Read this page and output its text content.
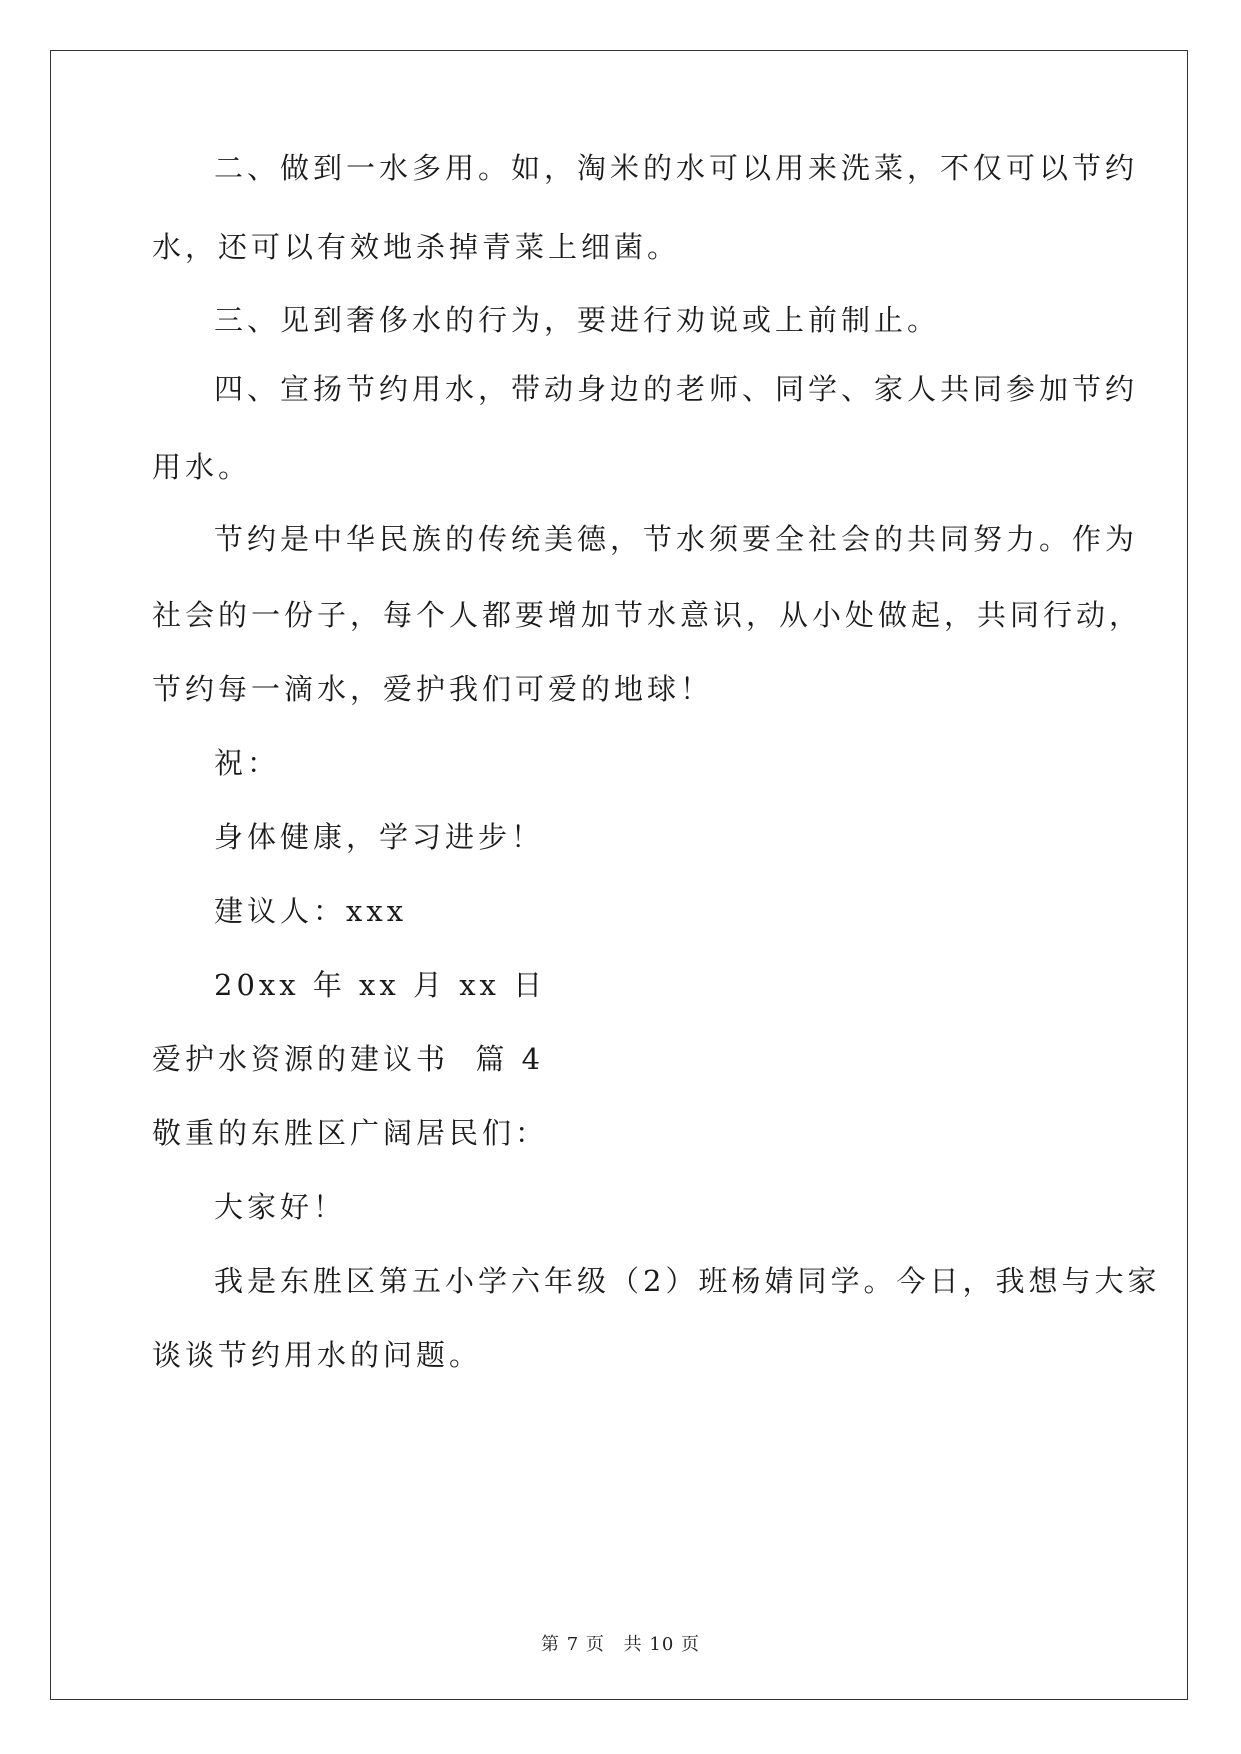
二、做到一水多用。如，淘米的水可以用来洗菜，不仅可以节约
水，还可以有效地杀掉青菜上细菌。
三、见到奢侈水的行为，要进行劝说或上前制止。
四、宣扬节约用水，带动身边的老师、同学、家人共同参加节约
用水。
节约是中华民族的传统美德，节水须要全社会的共同努力。作为
社会的一份子，每个人都要增加节水意识，从小处做起，共同行动，
节约每一滴水，爱护我们可爱的地球！
祝：
身体健康，学习进步！
建议人：xxx
20xx 年 xx 月 xx 日
爱护水资源的建议书  篇 4
敬重的东胜区广阔居民们：
大家好！
我是东胜区第五小学六年级（2）班杨婧同学。今日，我想与大家
谈谈节约用水的问题。
第 7 页 共 10 页
